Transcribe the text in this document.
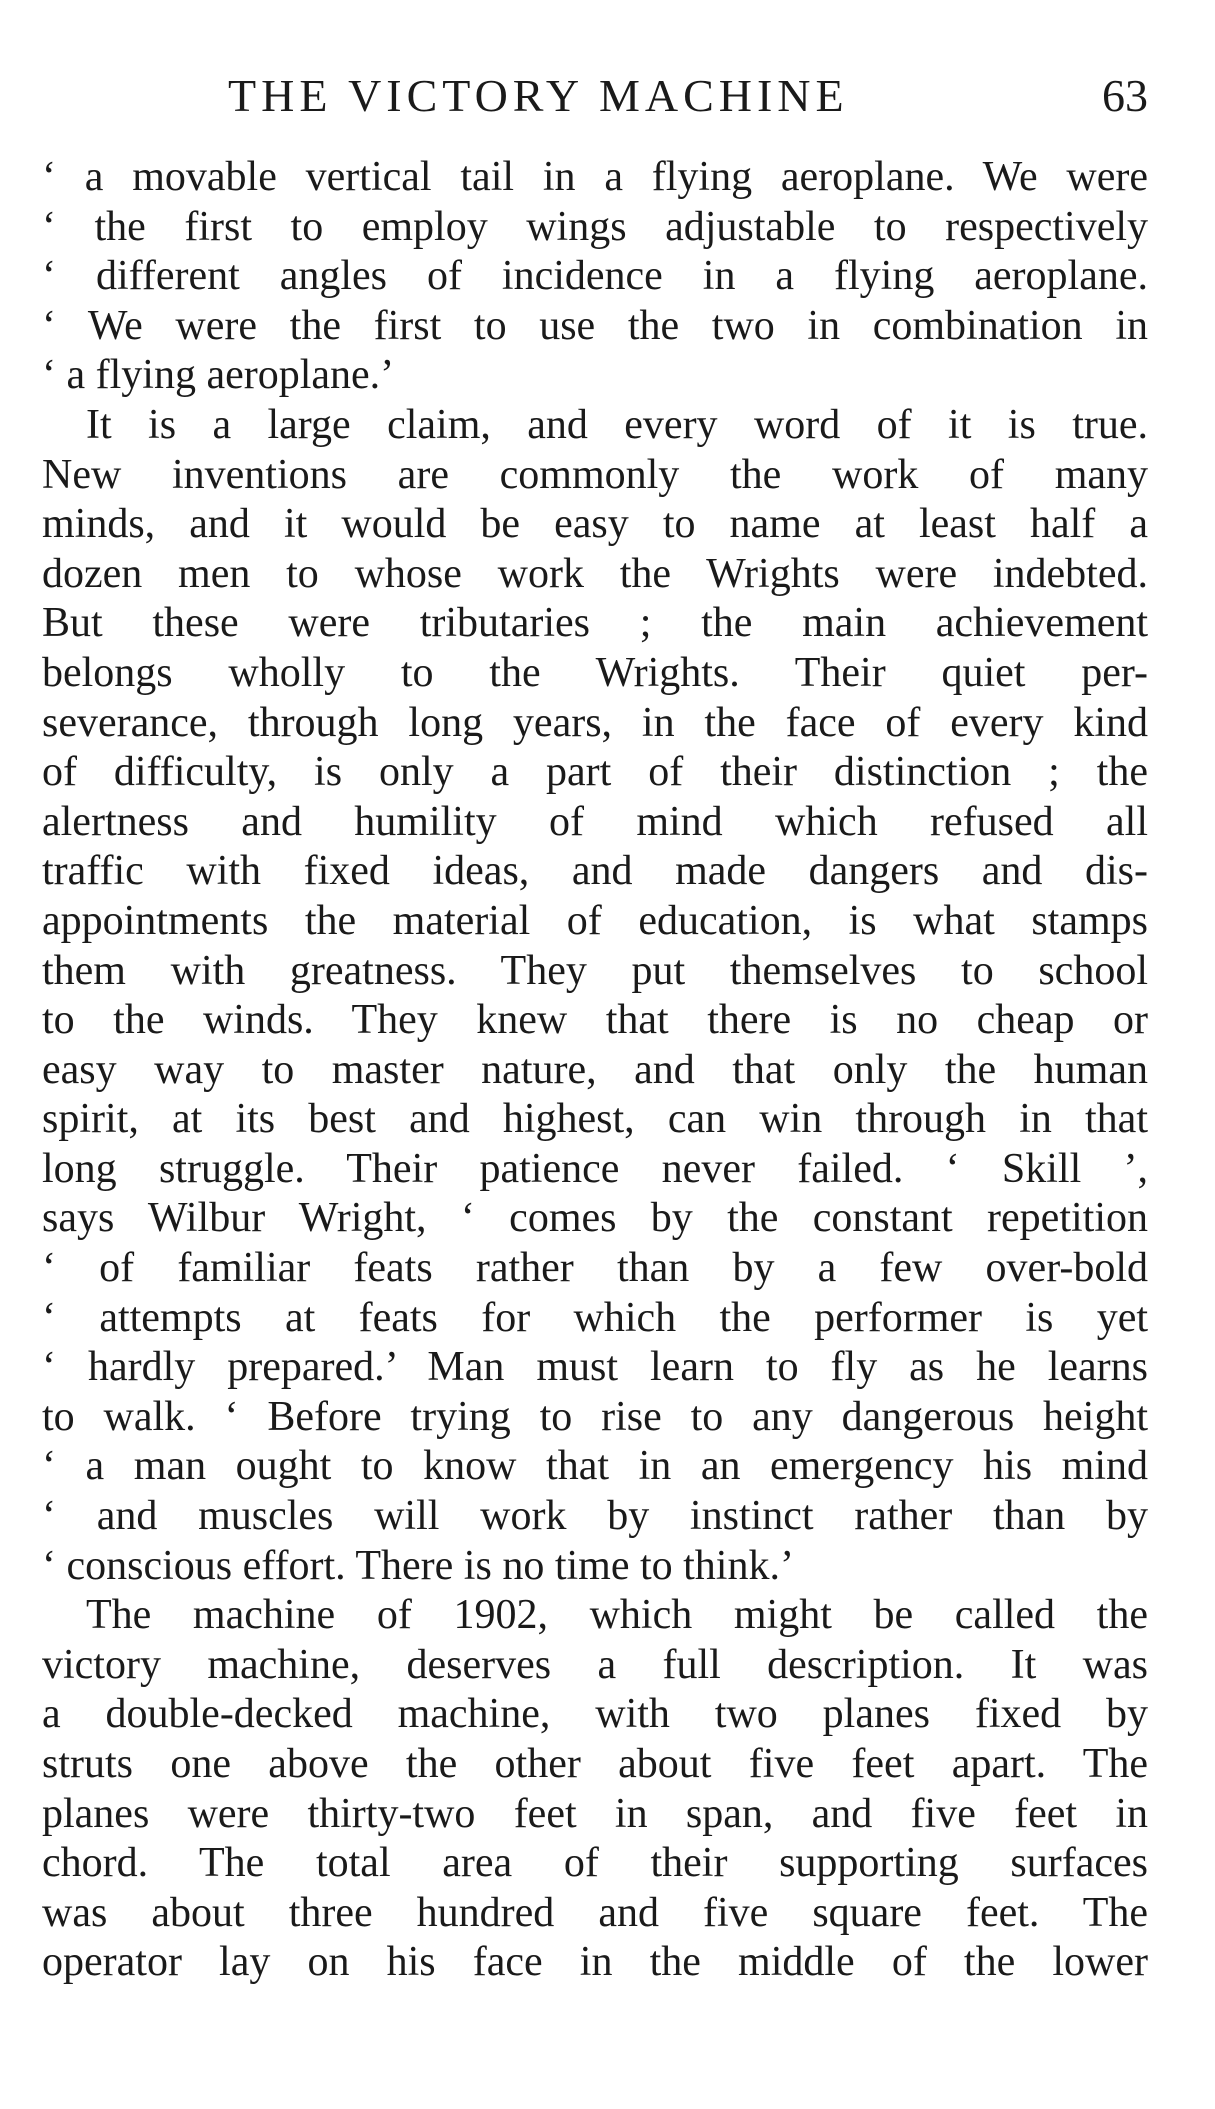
THE VICTORY MACHINE	63
‘ a movable vertical tail in a flying aeroplane. We were
‘ the first to employ wings adjustable to respectively
‘ different angles of incidence in a flying aeroplane.
‘ We were the first to use the two in combination in
‘ a flying aeroplane.’
It is a large claim, and every word of it is true.
New inventions are commonly the work of many
minds, and it would be easy to name at least half a
dozen men to whose work the Wrights were indebted.
But these were tributaries ; the main achievement
belongs wholly to the Wrights. Their quiet per-
severance, through long years, in the face of every kind
of difficulty, is only a part of their distinction ; the
alertness and humility of mind which refused all
traffic with fixed ideas, and made dangers and dis-
appointments the material of education, is what stamps
them with greatness. They put themselves to school
to the winds. They knew that there is no cheap or
easy way to master nature, and that only the human
spirit, at its best and highest, can win through in that
long struggle. Their patience never failed. ‘ Skill ’,
says Wilbur Wright, ‘ comes by the constant repetition
‘ of familiar feats rather than by a few over-bold
‘ attempts at feats for which the performer is yet
‘ hardly prepared.’ Man must learn to fly as he learns
to walk. ‘ Before trying to rise to any dangerous height
‘ a man ought to know that in an emergency his mind
‘ and muscles will work by instinct rather than by
‘ conscious effort. There is no time to think.’
The machine of 1902, which might be called the
victory machine, deserves a full description. It was
a double-decked machine, with two planes fixed by
struts one above the other about five feet apart. The
planes were thirty-two feet in span, and five feet in
chord. The total area of their supporting surfaces
was about three hundred and five square feet. The
operator lay on his face in the middle of the lower
